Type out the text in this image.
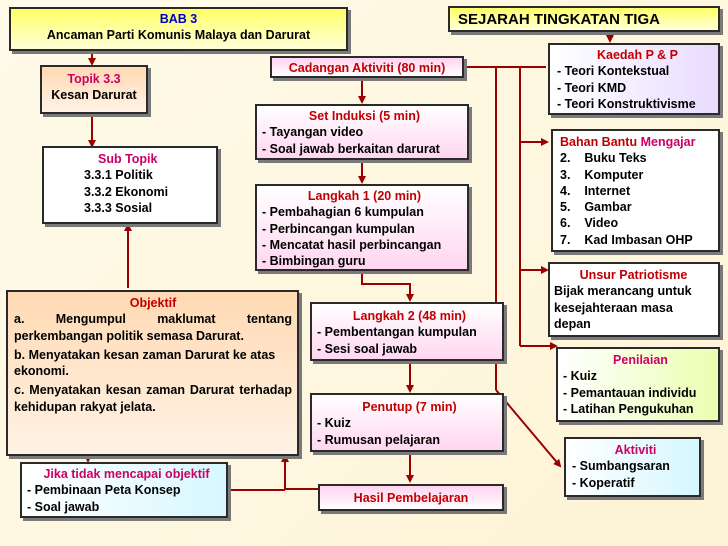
BAB 3
Ancaman Parti Komunis Malaya dan Darurat
SEJARAH TINGKATAN TIGA
Topik 3.3
Kesan Darurat
Sub Topik
3.3.1 Politik
3.3.2 Ekonomi
3.3.3 Sosial
Cadangan Aktiviti (80 min)
Set Induksi (5 min)
- Tayangan video
- Soal jawab berkaitan darurat
Langkah 1 (20 min)
- Pembahagian 6 kumpulan
- Perbincangan kumpulan
- Mencatat hasil perbincangan
- Bimbingan guru
Langkah 2 (48 min)
- Pembentangan kumpulan
- Sesi soal jawab
Penutup (7 min)
- Kuiz
- Rumusan pelajaran
Hasil Pembelajaran
Objektif
a. Mengumpul maklumat tentang perkembangan politik semasa Darurat.
b. Menyatakan kesan zaman Darurat ke atas ekonomi.
c. Menyatakan kesan zaman Darurat terhadap kehidupan rakyat jelata.
Jika tidak mencapai objektif
- Pembinaan Peta Konsep
- Soal jawab
Kaedah P & P
- Teori Kontekstual
- Teori KMD
- Teori Konstruktivisme
Bahan Bantu Mengajar
2.    Buku Teks
3.    Komputer
4.    Internet
5.    Gambar
6.    Video
7.    Kad Imbasan OHP
Unsur Patriotisme
Bijak merancang untuk kesejahteraan masa depan
Penilaian
- Kuiz
- Pemantauan individu
- Latihan Pengukuhan
Aktiviti
- Sumbangsaran
- Koperatif
